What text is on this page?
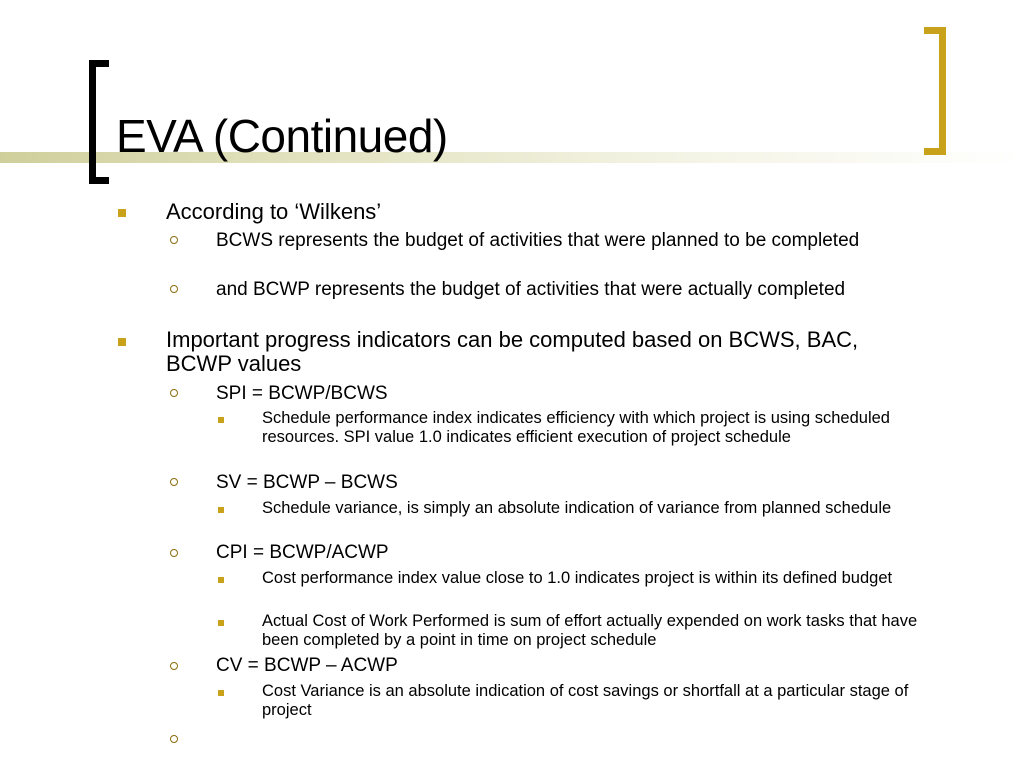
EVA (Continued)
According to ‘Wilkens’
BCWS represents the budget of activities that were planned to be completed
and BCWP represents the budget of activities that were actually completed
Important progress indicators can be computed based on BCWS, BAC, BCWP values
SPI = BCWP/BCWS
Schedule performance index indicates efficiency with which project is using scheduled resources. SPI value 1.0 indicates efficient execution of project schedule
SV = BCWP – BCWS
Schedule variance, is simply an absolute indication of variance from planned schedule
CPI = BCWP/ACWP
Cost performance index value close to 1.0 indicates project is within its defined budget
Actual Cost of Work Performed is sum of effort actually expended on work tasks that have been completed by a point in time on project schedule
CV = BCWP – ACWP
Cost Variance is an absolute indication of cost savings or shortfall at a particular stage of project
